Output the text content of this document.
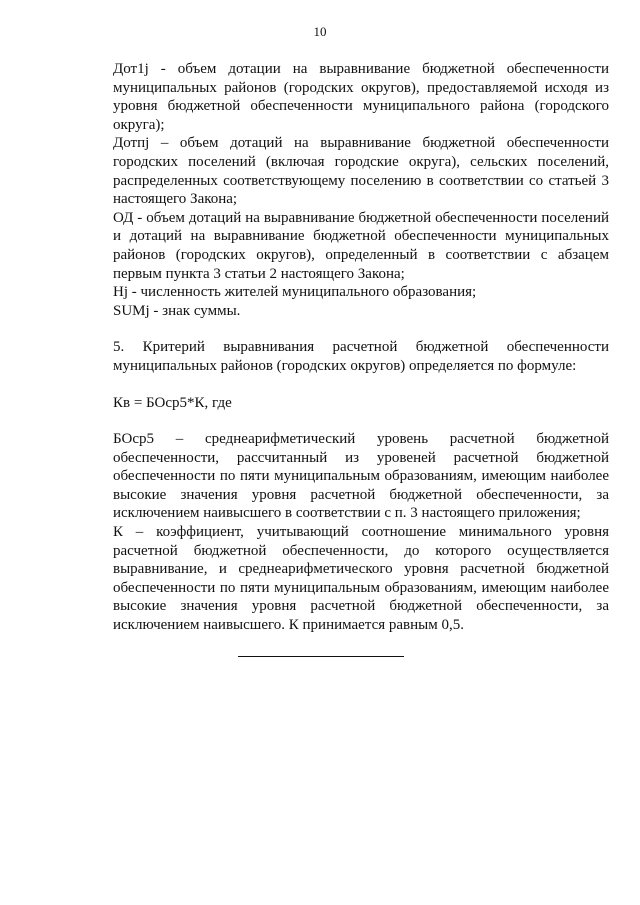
10

Дот1j - объем дотации на выравнивание бюджетной обеспеченности муниципальных районов (городских округов), предоставляемой исходя из уровня бюджетной обеспеченности муниципального района (городского округа);

Дотпj – объем дотаций на выравнивание бюджетной обеспеченности городских поселений (включая городские округа), сельских поселений, распределенных соответствующему поселению в соответствии со статьей 3 настоящего Закона;

ОД - объем дотаций на выравнивание бюджетной обеспеченности поселений и дотаций на выравнивание бюджетной обеспеченности муниципальных районов (городских округов), определенный в соответствии с абзацем первым пункта 3 статьи 2 настоящего Закона;

Нj - численность жителей муниципального образования;

SUMj - знак суммы.

5. Критерий выравнивания расчетной бюджетной обеспеченности муниципальных районов (городских округов) определяется по формуле:

Кв = БОср5*К, где

БОср5 – среднеарифметический уровень расчетной бюджетной обеспеченности, рассчитанный из уровеней расчетной бюджетной обеспеченности по пяти муниципальным образованиям, имеющим наиболее высокие значения уровня расчетной бюджетной обеспеченности, за исключением наивысшего в соответствии с п. 3 настоящего приложения;

К – коэффициент, учитывающий соотношение минимального уровня расчетной бюджетной обеспеченности, до которого осуществляется выравнивание, и среднеарифметического уровня расчетной бюджетной обеспеченности по пяти муниципальным образованиям, имеющим наиболее высокие значения уровня расчетной бюджетной обеспеченности, за исключением наивысшего. К принимается равным 0,5.
